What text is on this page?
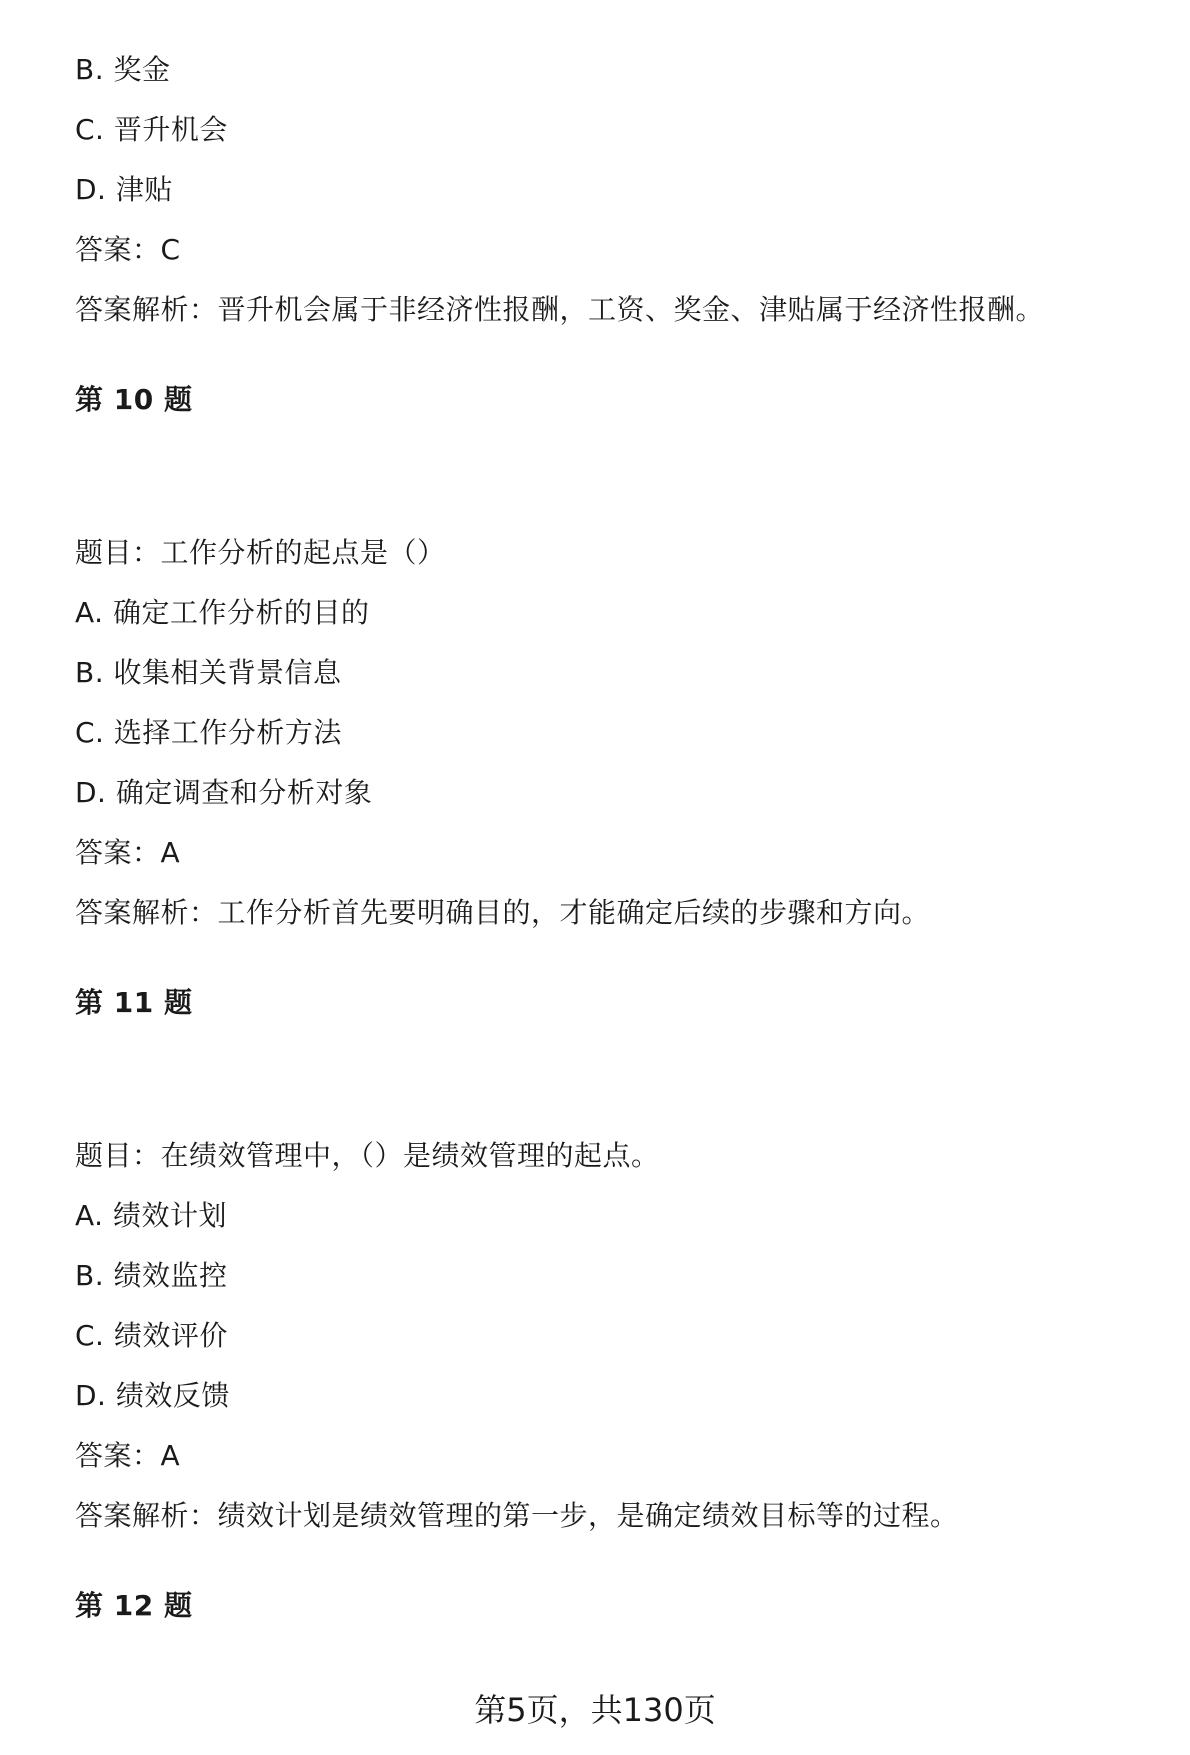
B. 奖金
C. 晋升机会
D. 津贴
答案：C
答案解析：晋升机会属于非经济性报酬，工资、奖金、津贴属于经济性报酬。
第 10 题
题目：工作分析的起点是（）
A. 确定工作分析的目的
B. 收集相关背景信息
C. 选择工作分析方法
D. 确定调查和分析对象
答案：A
答案解析：工作分析首先要明确目的，才能确定后续的步骤和方向。
第 11 题
题目：在绩效管理中，（）是绩效管理的起点。
A. 绩效计划
B. 绩效监控
C. 绩效评价
D. 绩效反馈
答案：A
答案解析：绩效计划是绩效管理的第一步，是确定绩效目标等的过程。
第 12 题
第5页，共130页
